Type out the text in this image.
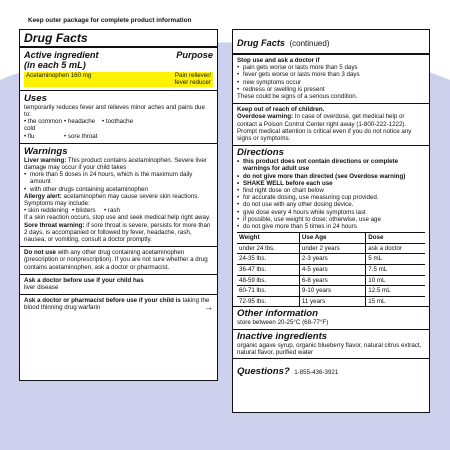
Keep outer package for complete product information
Drug Facts
Active ingredient	Purpose
(in each 5 mL)
Acetaminophen 160 mg	Pain reliever/
fever reducer
Uses
temporarily reduces fever and relieves minor aches and pains due to:
• the common cold
• headache	• toothache
• flu	• sore throat
Warnings
Liver warning: This product contains acetaminophen. Severe liver damage may occur if your child takes
• more than 5 doses in 24 hours, which is the maximum daily amount
• with other drugs containing acetaminophen
Allergy alert: acetaminophen may cause severe skin reactions. Symptoms may include:
• skin reddening	• blisters	• rash
If a skin reaction occurs, stop use and seek medical help right away.
Sore throat warning: if sore throat is severe, persists for more than 2 days, is accompanied or followed by fever, headache, rash, nausea, or vomiting, consult a doctor promptly.
Do not use with any other drug containing acetaminophen (prescription or nonprescription). If you are not sure whether a drug contains acetaminophen, ask a doctor or pharmacist.
Ask a doctor before use if your child has
liver disease
Ask a doctor or pharmacist before use if your child is taking the blood thinning drug warfarin	→
Drug Facts (continued)
Stop use and ask a doctor if
• pain gets worse or lasts more than 5 days
• fever gets worse or lasts more than 3 days
• new symptoms occur
• redness or swelling is present
These could be signs of a serious condition.
Keep out of reach of children.
Overdose warning: In case of overdose, get medical help or contact a Poison Control Center right away (1-800-222-1222). Prompt medical attention is critical even if you do not notice any signs or symptoms.
Directions
• this product does not contain directions or complete warnings for adult use
• do not give more than directed (see Overdose warning)
• SHAKE WELL before each use
• find right dose on chart below
• for accurate dosing, use measuring cup provided.
• do not use with any other dosing device.
• give dose every 4 hours while symptoms last
• if possible, use weight to dose; otherwise, use age
• do not give more than 5 times in 24 hours
Weight	Use Age	Dose
under 24 lbs.	under 2 years	ask a doctor
24-35 lbs.	2-3 years	5 mL
36-47 lbs.	4-5 years	7.5 mL
48-59 lbs.	6-8 years	10 mL
60-71 lbs.	9-10 years	12.5 mL
72-95 lbs.	11 years	15 mL
Other information
store between 20-25°C (68-77°F)
Inactive ingredients
organic agave syrup, organic blueberry flavor, natural citrus extract, natural flavor, purified water
Questions? 1-855-436-3921
